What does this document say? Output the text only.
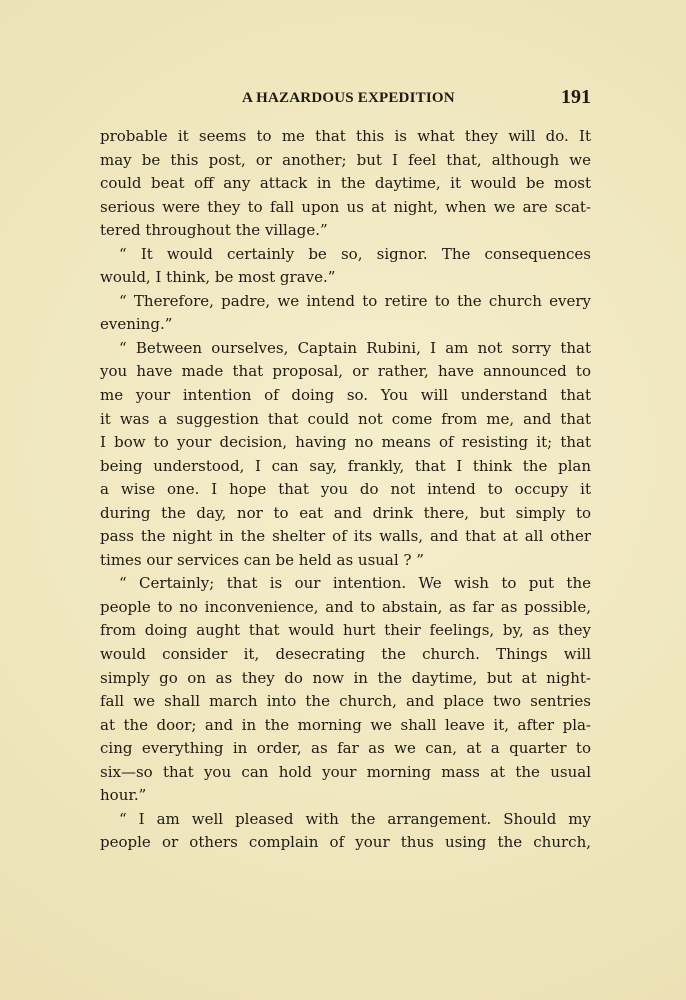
A HAZARDOUS EXPEDITION	191
probable it seems to me that this is what they will do. It
may be this post, or another; but I feel that, although we
could beat off any attack in the daytime, it would be most
serious were they to fall upon us at night, when we are scat-
tered throughout the village.”
“ It would certainly be so, signor. The consequences
would, I think, be most grave.”
“ Therefore, padre, we intend to retire to the church every
evening.”
“ Between ourselves, Captain Rubini, I am not sorry that
you have made that proposal, or rather, have announced to
me your intention of doing so. You will understand that
it was a suggestion that could not come from me, and that
I bow to your decision, having no means of resisting it; that
being understood, I can say, frankly, that I think the plan
a wise one. I hope that you do not intend to occupy it
during the day, nor to eat and drink there, but simply to
pass the night in the shelter of its walls, and that at all other
times our services can be held as usual ? ”
“ Certainly; that is our intention. We wish to put the
people to no inconvenience, and to abstain, as far as possible,
from doing aught that would hurt their feelings, by, as they
would consider it, desecrating the church. Things will
simply go on as they do now in the daytime, but at night-
fall we shall march into the church, and place two sentries
at the door; and in the morning we shall leave it, after pla-
cing everything in order, as far as we can, at a quarter to
six—so that you can hold your morning mass at the usual
hour.”
“ I am well pleased with the arrangement. Should my
people or others complain of your thus using the church,
